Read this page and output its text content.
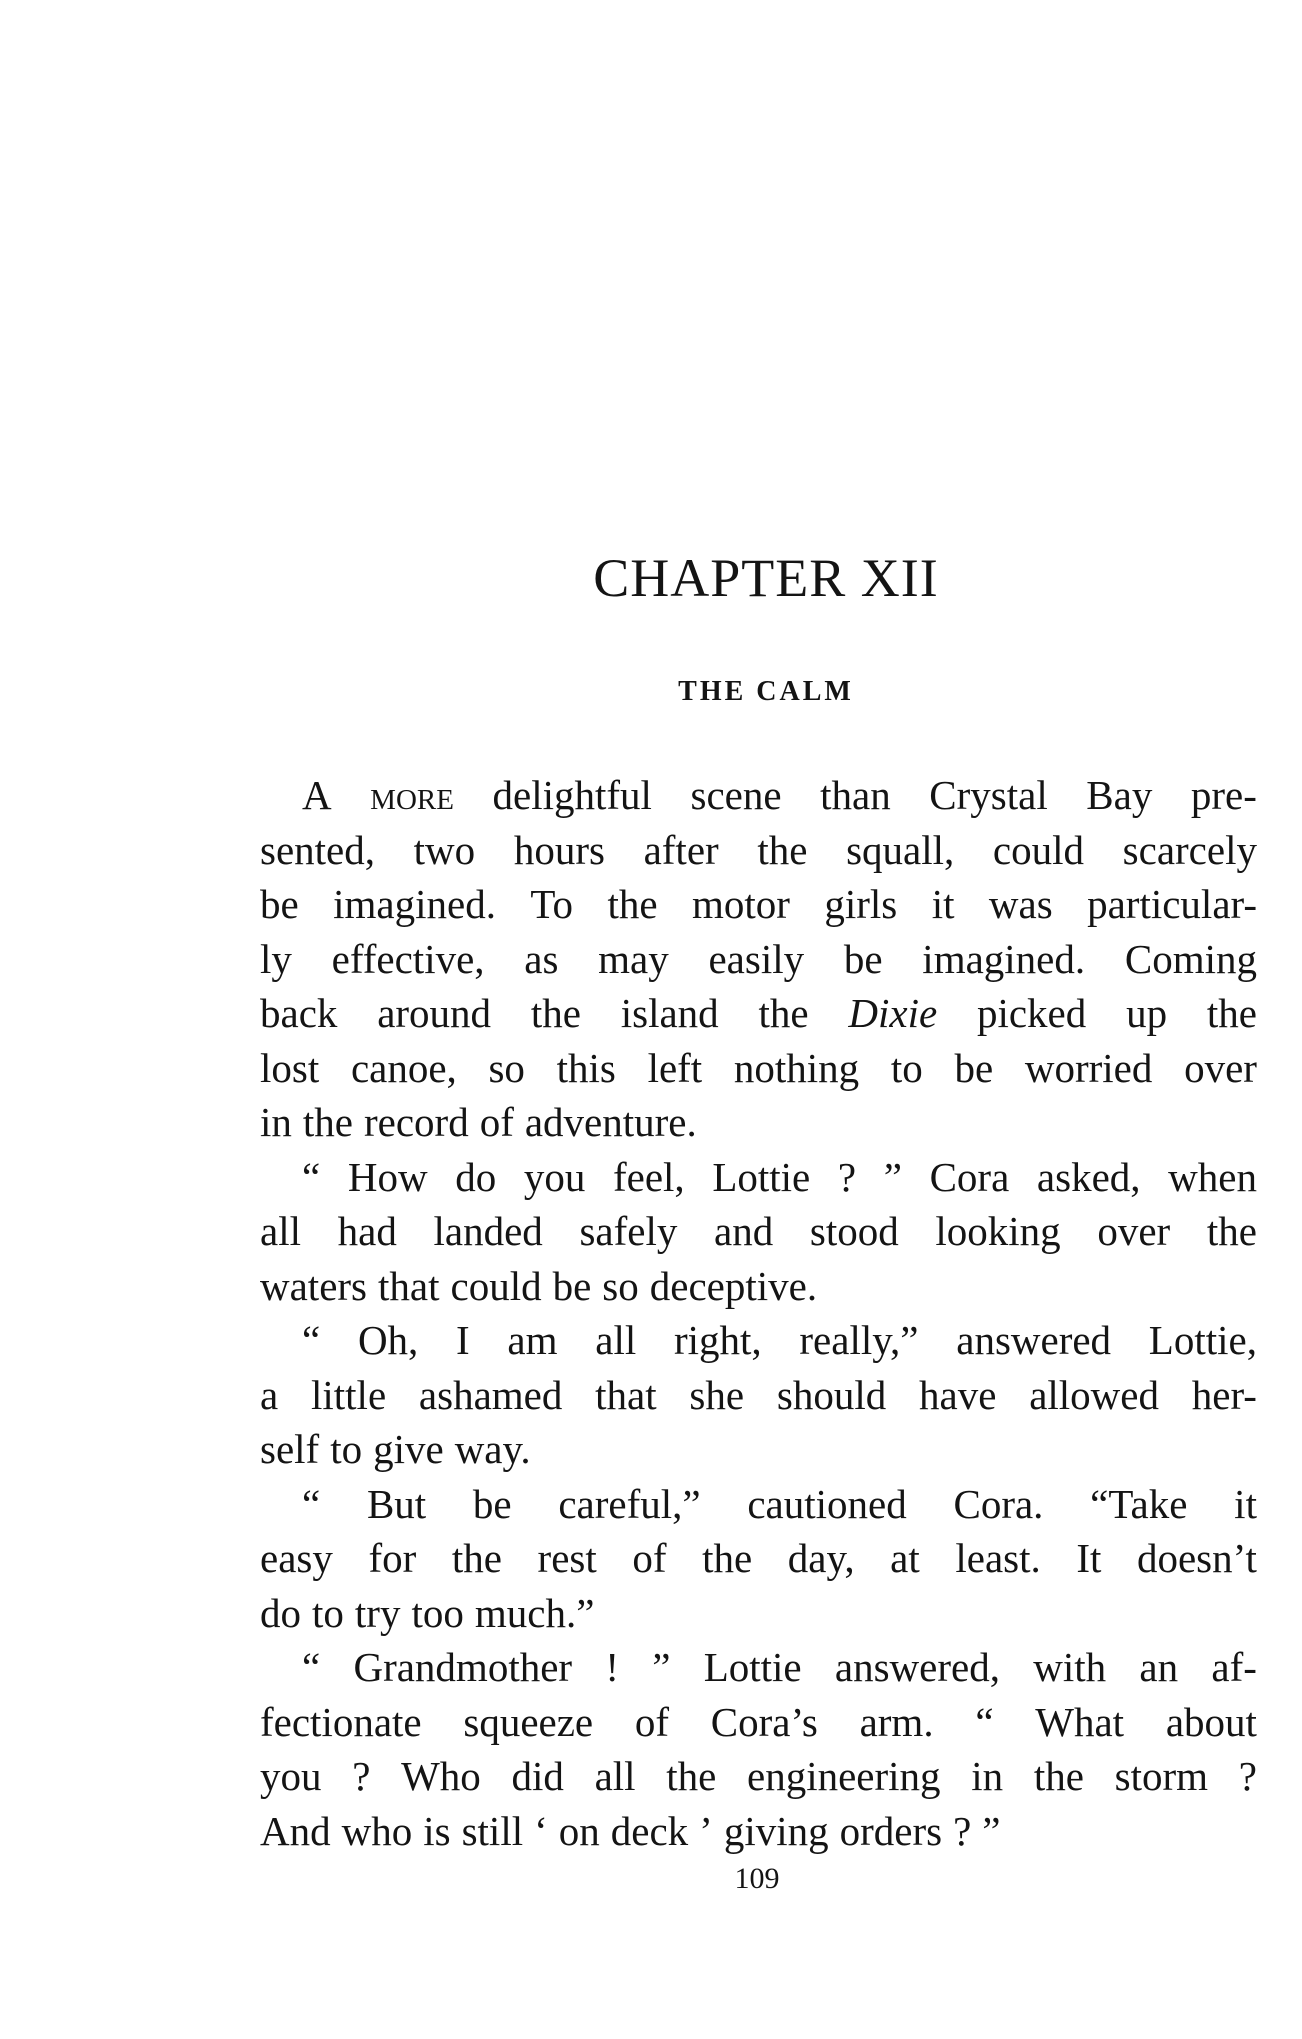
CHAPTER XII
THE CALM
A more delightful scene than Crystal Bay pre-
sented, two hours after the squall, could scarcely
be imagined. To the motor girls it was particular-
ly effective, as may easily be imagined. Coming
back around the island the Dixie picked up the
lost canoe, so this left nothing to be worried over
in the record of adventure.
“ How do you feel, Lottie ? ” Cora asked, when
all had landed safely and stood looking over the
waters that could be so deceptive.
“ Oh, I am all right, really,” answered Lottie,
a little ashamed that she should have allowed her-
self to give way.
“ But be careful,” cautioned Cora. “Take it
easy for the rest of the day, at least. It doesn’t
do to try too much.”
“ Grandmother ! ” Lottie answered, with an af-
fectionate squeeze of Cora’s arm. “ What about
you ? Who did all the engineering in the storm ?
And who is still ‘ on deck ’ giving orders ? ”
109
